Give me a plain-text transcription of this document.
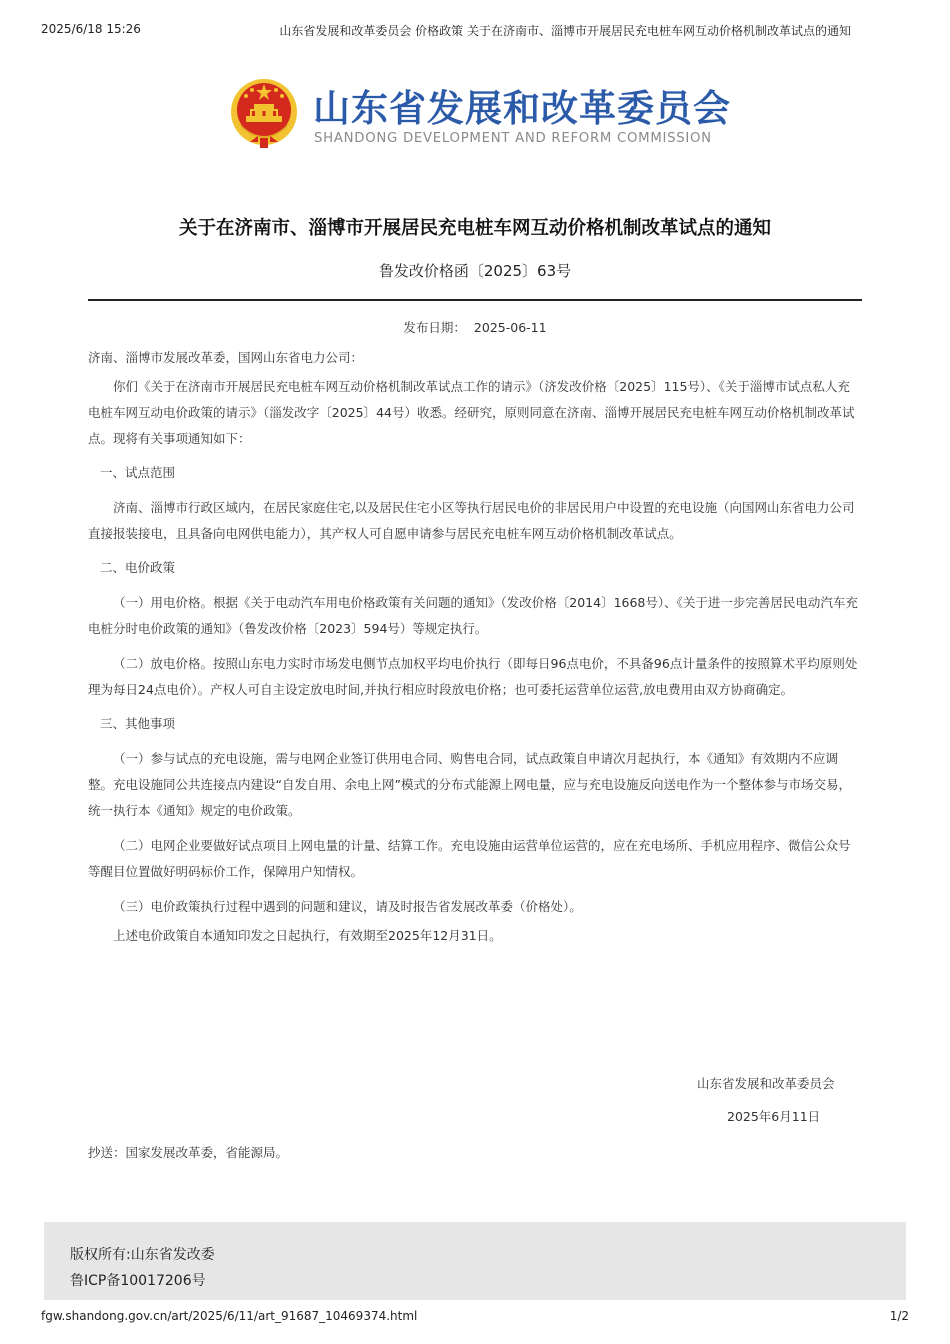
2025/6/18 15:26	山东省发展和改革委员会 价格政策 关于在济南市、淄博市开展居民充电桩车网互动价格机制改革试点的通知
山东省发展和改革委员会
SHANDONG DEVELOPMENT AND REFORM COMMISSION
关于在济南市、淄博市开展居民充电桩车网互动价格机制改革试点的通知
鲁发改价格函〔2025〕63号
发布日期： 2025-06-11

济南、淄博市发展改革委，国网山东省电力公司：

你们《关于在济南市开展居民充电桩车网互动价格机制改革试点工作的请示》（济发改价格〔2025〕115号）、《关于淄博市试点私人充电桩车网互动电价政策的请示》（淄发改字〔2025〕44号）收悉。经研究，原则同意在济南、淄博开展居民充电桩车网互动价格机制改革试点。现将有关事项通知如下：

一、试点范围

济南、淄博市行政区域内，在居民家庭住宅,以及居民住宅小区等执行居民电价的非居民用户中设置的充电设施（向国网山东省电力公司直接报装接电，且具备向电网供电能力），其产权人可自愿申请参与居民充电桩车网互动价格机制改革试点。

二、电价政策

（一）用电价格。根据《关于电动汽车用电价格政策有关问题的通知》（发改价格〔2014〕1668号）、《关于进一步完善居民电动汽车充电桩分时电价政策的通知》（鲁发改价格〔2023〕594号）等规定执行。

（二）放电价格。按照山东电力实时市场发电侧节点加权平均电价执行（即每日96点电价，不具备96点计量条件的按照算术平均原则处理为每日24点电价）。产权人可自主设定放电时间,并执行相应时段放电价格；也可委托运营单位运营,放电费用由双方协商确定。

三、其他事项

（一）参与试点的充电设施，需与电网企业签订供用电合同、购售电合同，试点政策自申请次月起执行，本《通知》有效期内不应调整。充电设施同公共连接点内建设“自发自用、余电上网”模式的分布式能源上网电量，应与充电设施反向送电作为一个整体参与市场交易，统一执行本《通知》规定的电价政策。

（二）电网企业要做好试点项目上网电量的计量、结算工作。充电设施由运营单位运营的，应在充电场所、手机应用程序、微信公众号等醒目位置做好明码标价工作，保障用户知情权。

（三）电价政策执行过程中遇到的问题和建议，请及时报告省发展改革委（价格处）。

上述电价政策自本通知印发之日起执行，有效期至2025年12月31日。

山东省发展和改革委员会
2025年6月11日
抄送：国家发展改革委，省能源局。
版权所有:山东省发改委
鲁ICP备10017206号
fgw.shandong.gov.cn/art/2025/6/11/art_91687_10469374.html	1/2
